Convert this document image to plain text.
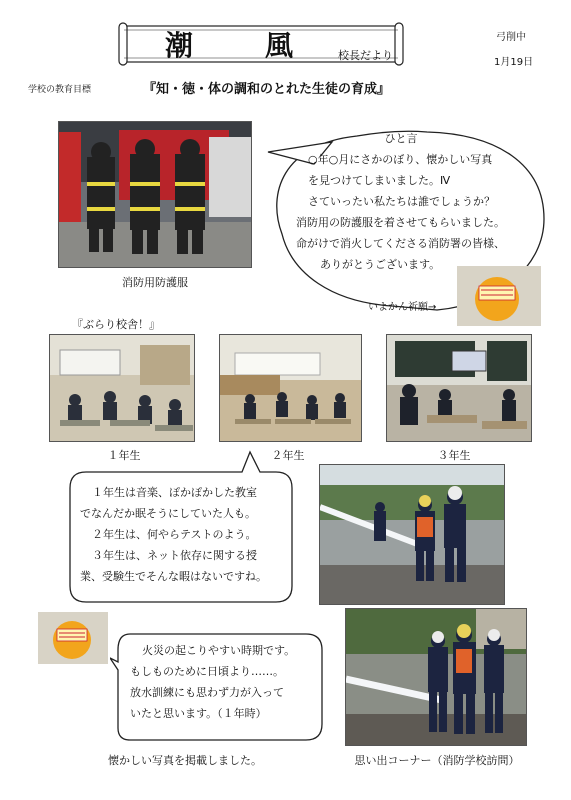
潮　風 校長だより
弓削中
1月19日
学校の教育目標	『知・徳・体の調和のとれた生徒の育成』
消防用防護服
ひと言
○年○月にさかのぼり、懐かしい写真
を見つけてしまいました。Ⅳ
さていったい私たちは誰でしょうか？
消防用の防護服を着させてもらいました。
命がけで消火してくださる消防署の皆様、
ありがとうございます。
いよかん祈願→
『ぶらり校舎！』
１年生	２年生	３年生
１年生は音楽、ぽかぽかした教室
でなんだか眠そうにしていた人も。
２年生は、何やらテストのよう。
３年生は、ネット依存に関する授
業、受験生でそんな暇はないですね。
火災の起こりやすい時期です。
もしものために日頃より……。
放水訓練にも思わず力が入って
いたと思います。（１年時）
懐かしい写真を掲載しました。	思い出コーナー（消防学校訪問）
